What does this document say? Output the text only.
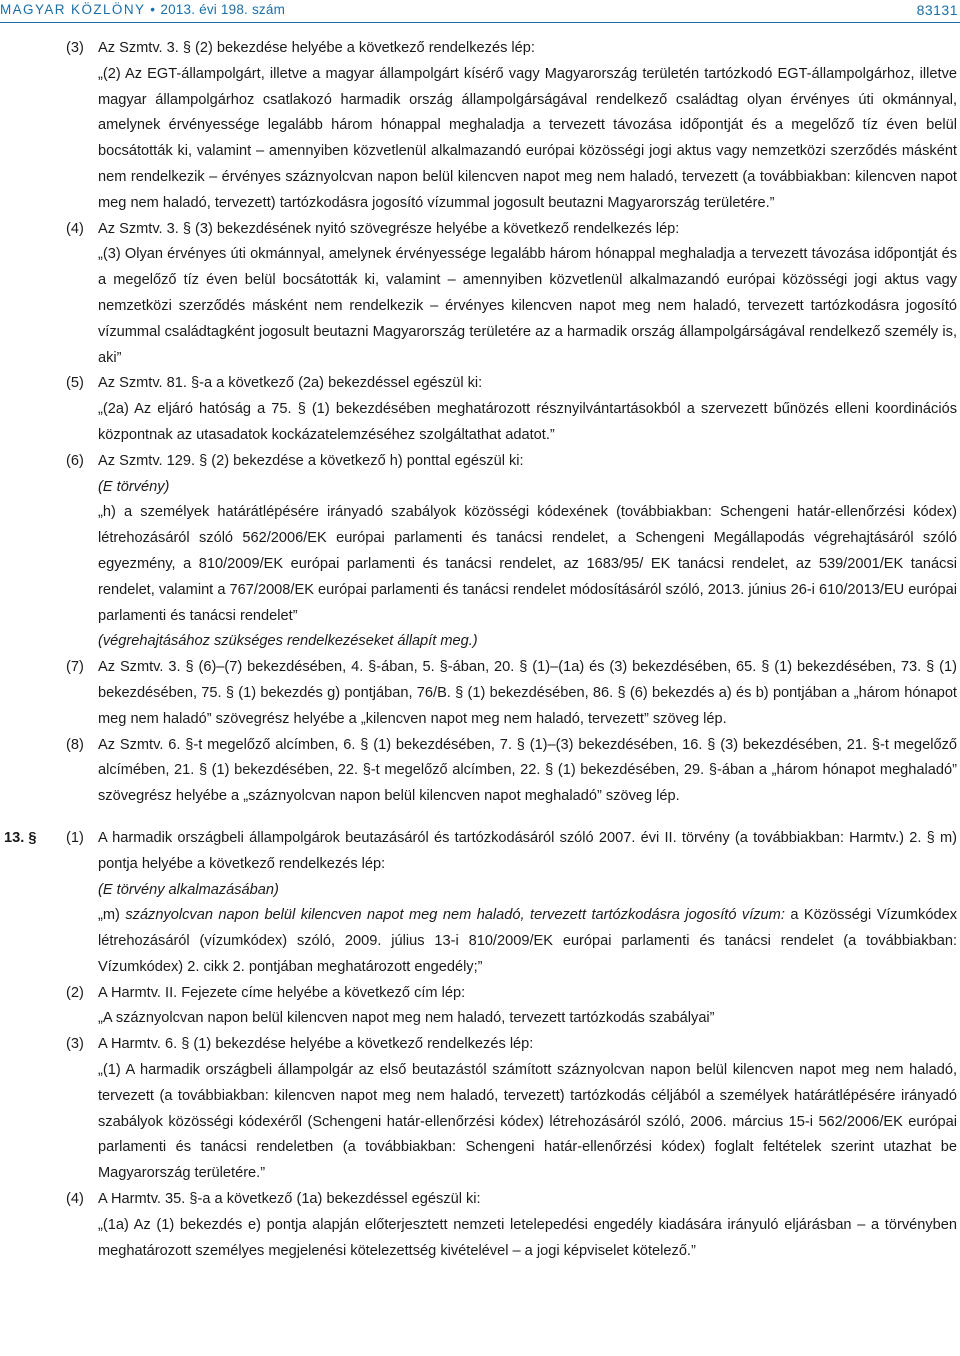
MAGYAR KÖZLÖNY • 2013. évi 198. szám	83131
(3) Az Szmtv. 3. § (2) bekezdése helyébe a következő rendelkezés lép:
„(2) Az EGT-állampolgárt, illetve a magyar állampolgárt kísérő vagy Magyarország területén tartózkodó EGT-állampolgárhoz, illetve magyar állampolgárhoz csatlakozó harmadik ország állampolgárságával rendelkező családtag olyan érvényes úti okmánnyal, amelynek érvényessége legalább három hónappal meghaladja a tervezett távozása időpontját és a megelőző tíz éven belül bocsátották ki, valamint – amennyiben közvetlenül alkalmazandó európai közösségi jogi aktus vagy nemzetközi szerződés másként nem rendelkezik – érvényes száznyolcvan napon belül kilencven napot meg nem haladó, tervezett (a továbbiakban: kilencven napot meg nem haladó, tervezett) tartózkodásra jogosító vízummal jogosult beutazni Magyarország területére.”
(4) Az Szmtv. 3. § (3) bekezdésének nyitó szövegrésze helyébe a következő rendelkezés lép:
„(3) Olyan érvényes úti okmánnyal, amelynek érvényessége legalább három hónappal meghaladja a tervezett távozása időpontját és a megelőző tíz éven belül bocsátották ki, valamint – amennyiben közvetlenül alkalmazandó európai közösségi jogi aktus vagy nemzetközi szerződés másként nem rendelkezik – érvényes kilencven napot meg nem haladó, tervezett tartózkodásra jogosító vízummal családtagként jogosult beutazni Magyarország területére az a harmadik ország állampolgárságával rendelkező személy is, aki”
(5) Az Szmtv. 81. §-a a következő (2a) bekezdéssel egészül ki:
„(2a) Az eljáró hatóság a 75. § (1) bekezdésében meghatározott résznyilvántartásokból a szervezett bűnözés elleni koordinációs központnak az utasadatok kockázatelemzéséhez szolgáltathat adatot.”
(6) Az Szmtv. 129. § (2) bekezdése a következő h) ponttal egészül ki:
(E törvény)
„h) a személyek határátlépésére irányadó szabályok közösségi kódexének (továbbiakban: Schengeni határ-ellenőrzési kódex) létrehozásáról szóló 562/2006/EK európai parlamenti és tanácsi rendelet, a Schengeni Megállapodás végrehajtásáról szóló egyezmény, a 810/2009/EK európai parlamenti és tanácsi rendelet, az 1683/95/ EK tanácsi rendelet, az 539/2001/EK tanácsi rendelet, valamint a 767/2008/EK európai parlamenti és tanácsi rendelet módosításáról szóló, 2013. június 26-i 610/2013/EU európai parlamenti és tanácsi rendelet”
(végrehajtásához szükséges rendelkezéseket állapít meg.)
(7) Az Szmtv. 3. § (6)–(7) bekezdésében, 4. §-ában, 5. §-ában, 20. § (1)–(1a) és (3) bekezdésében, 65. § (1) bekezdésében, 73. § (1) bekezdésében, 75. § (1) bekezdés g) pontjában, 76/B. § (1) bekezdésében, 86. § (6) bekezdés a) és b) pontjában a „három hónapot meg nem haladó” szövegrész helyébe a „kilencven napot meg nem haladó, tervezett” szöveg lép.
(8) Az Szmtv. 6. §-t megelőző alcímben, 6. § (1) bekezdésében, 7. § (1)–(3) bekezdésében, 16. § (3) bekezdésében, 21. §-t megelőző alcímében, 21. § (1) bekezdésében, 22. §-t megelőző alcímben, 22. § (1) bekezdésében, 29. §-ában a „három hónapot meghaladó” szövegrész helyébe a „száznyolcvan napon belül kilencven napot meghaladó” szöveg lép.
13. § (1) A harmadik országbeli állampolgárok beutazásáról és tartózkodásáról szóló 2007. évi II. törvény (a továbbiakban: Harmtv.) 2. § m) pontja helyébe a következő rendelkezés lép:
(E törvény alkalmazásában)
„m) száznyolcvan napon belül kilencven napot meg nem haladó, tervezett tartózkodásra jogosító vízum: a Közösségi Vízumkódex létrehozásáról (vízumkódex) szóló, 2009. július 13-i 810/2009/EK európai parlamenti és tanácsi rendelet (a továbbiakban: Vízumkódex) 2. cikk 2. pontjában meghatározott engedély;”
(2) A Harmtv. II. Fejezete címe helyébe a következő cím lép:
„A száznyolcvan napon belül kilencven napot meg nem haladó, tervezett tartózkodás szabályai”
(3) A Harmtv. 6. § (1) bekezdése helyébe a következő rendelkezés lép:
„(1) A harmadik országbeli állampolgár az első beutazástól számított száznyolcvan napon belül kilencven napot meg nem haladó, tervezett (a továbbiakban: kilencven napot meg nem haladó, tervezett) tartózkodás céljából a személyek határátlépésére irányadó szabályok közösségi kódexéről (Schengeni határ-ellenőrzési kódex) létrehozásáról szóló, 2006. március 15-i 562/2006/EK európai parlamenti és tanácsi rendeletben (a továbbiakban: Schengeni határ-ellenőrzési kódex) foglalt feltételek szerint utazhat be Magyarország területére.”
(4) A Harmtv. 35. §-a a következő (1a) bekezdéssel egészül ki:
„(1a) Az (1) bekezdés e) pontja alapján előterjesztett nemzeti letelepedési engedély kiadására irányuló eljárásban – a törvényben meghatározott személyes megjelenési kötelezettség kivételével – a jogi képviselet kötelező.”
